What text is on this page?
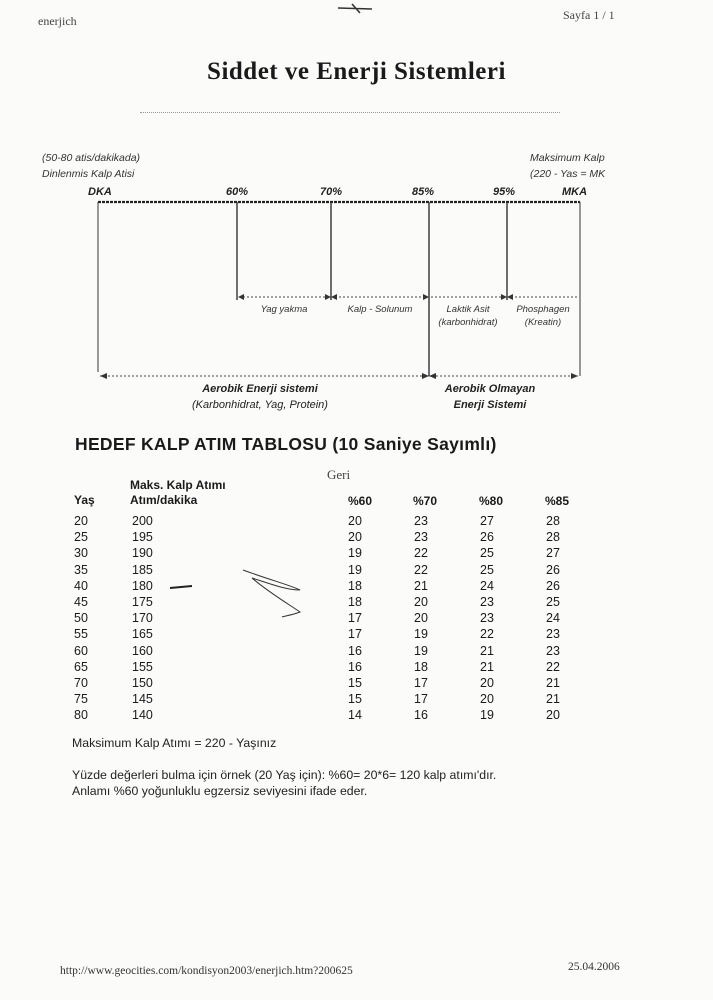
enerjich	Sayfa 1 / 1
Siddet ve Enerji Sistemleri
(50-80 atis/dakikada)
Dinlenmis Kalp Atisi
DKA
Maksimum Kalp
(220 - Yas = MK
MKA
60%	70%	85%	95%
Yag yakma	Kalp - Solunum	Laktik Asit
(karbonhidrat)
Phosphagen
(Kreatin)
Aerobik Enerji sistemi
(Karbonhidrat, Yag, Protein)
Aerobik Olmayan
Enerji Sistemi
HEDEF KALP ATIM TABLOSU (10 Saniye Sayımlı)
Geri
Maks. Kalp Atımı
Yaş	Atım/dakika	%60	%70	%80	%85
20	200	20	23	27	28
25	195	20	23	26	28
30	190	19	22	25	27
35	185	19	22	25	26
40	180	18	21	24	26
45	175	18	20	23	25
50	170	17	20	23	24
55	165	17	19	22	23
60	160	16	19	21	23
65	155	16	18	21	22
70	150	15	17	20	21
75	145	15	17	20	21
80	140	14	16	19	20
Maksimum Kalp Atımı = 220 - Yaşınız
Yüzde değerleri bulma için örnek (20 Yaş için): %60= 20*6= 120 kalp atımı'dır.
Anlamı %60 yoğunluklu egzersiz seviyesini ifade eder.
http://www.geocities.com/kondisyon2003/enerjich.htm?200625	25.04.2006
